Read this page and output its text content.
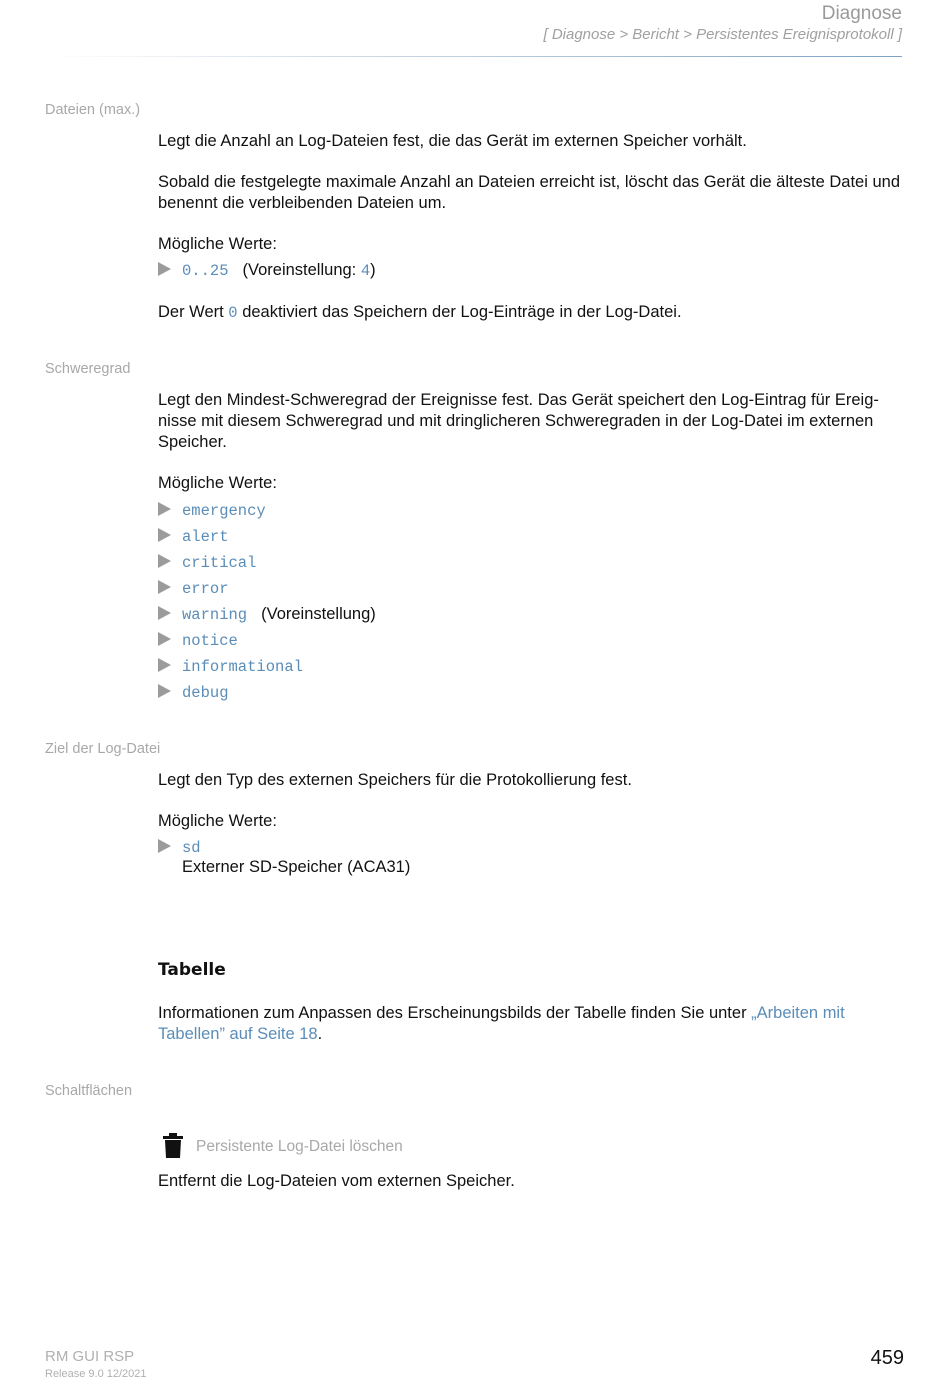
Diagnose
[ Diagnose > Bericht > Persistentes Ereignisprotokoll ]
Dateien (max.)
Legt die Anzahl an Log-Dateien fest, die das Gerät im externen Speicher vorhält.
Sobald die festgelegte maximale Anzahl an Dateien erreicht ist, löscht das Gerät die älteste Datei und benennt die verbleibenden Dateien um.
Mögliche Werte:
0..25 (Voreinstellung: 4)
Der Wert 0 deaktiviert das Speichern der Log-Einträge in der Log-Datei.
Schweregrad
Legt den Mindest-Schweregrad der Ereignisse fest. Das Gerät speichert den Log-Eintrag für Ereig-nisse mit diesem Schweregrad und mit dringlicheren Schweregraden in der Log-Datei im externen Speicher.
Mögliche Werte:
emergency
alert
critical
error
warning (Voreinstellung)
notice
informational
debug
Ziel der Log-Datei
Legt den Typ des externen Speichers für die Protokollierung fest.
Mögliche Werte:
sd
Externer SD-Speicher (ACA31)
Tabelle
Informationen zum Anpassen des Erscheinungsbilds der Tabelle finden Sie unter „Arbeiten mit Tabellen” auf Seite 18.
Schaltflächen
Persistente Log-Datei löschen
Entfernt die Log-Dateien vom externen Speicher.
RM GUI RSP
Release 9.0 12/2021
459
